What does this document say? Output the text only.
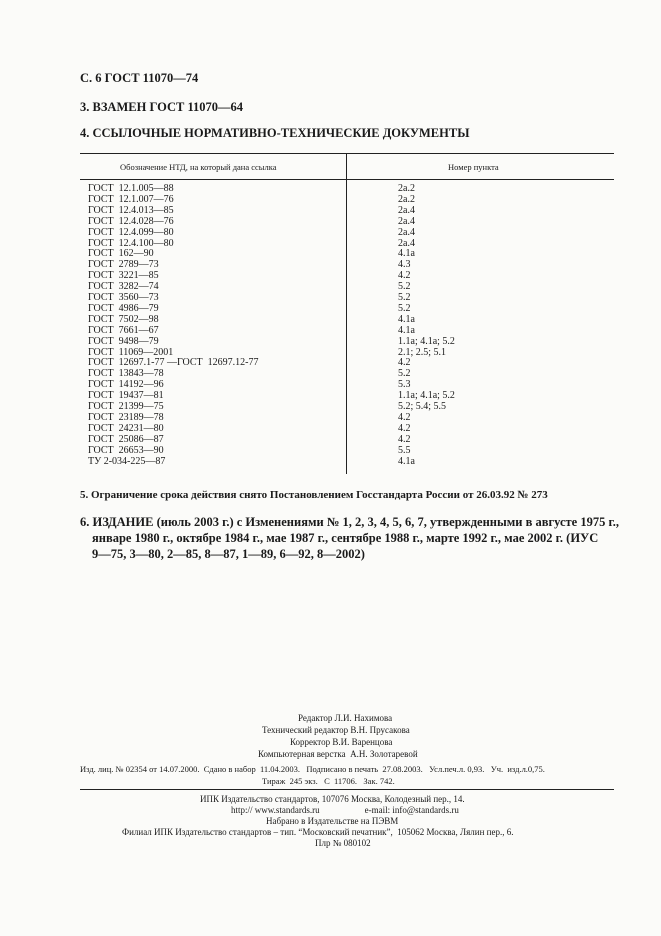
С. 6 ГОСТ 11070—74
3. ВЗАМЕН ГОСТ 11070—64
4. ССЫЛОЧНЫЕ НОРМАТИВНО-ТЕХНИЧЕСКИЕ ДОКУМЕНТЫ
Обозначение НТД, на который дана ссылка	Номер пункта
ГОСТ  12.1.005—88	2а.2
ГОСТ  12.1.007—76	2а.2
ГОСТ  12.4.013—85	2а.4
ГОСТ  12.4.028—76	2а.4
ГОСТ  12.4.099—80	2а.4
ГОСТ  12.4.100—80	2а.4
ГОСТ  162—90	4.1а
ГОСТ  2789—73	4.3
ГОСТ  3221—85	4.2
ГОСТ  3282—74	5.2
ГОСТ  3560—73	5.2
ГОСТ  4986—79	5.2
ГОСТ  7502—98	4.1а
ГОСТ  7661—67	4.1а
ГОСТ  9498—79	1.1а; 4.1а; 5.2
ГОСТ  11069—2001	2.1; 2.5; 5.1
ГОСТ  12697.1-77 —ГОСТ  12697.12-77	4.2
ГОСТ  13843—78	5.2
ГОСТ  14192—96	5.3
ГОСТ  19437—81	1.1а; 4.1а; 5.2
ГОСТ  21399—75	5.2; 5.4; 5.5
ГОСТ  23189—78	4.2
ГОСТ  24231—80	4.2
ГОСТ  25086—87	4.2
ГОСТ  26653—90	5.5
ТУ 2-034-225—87	4.1а
5. Ограничение срока действия снято Постановлением Госстандарта России от 26.03.92 № 273
6. ИЗДАНИЕ (июль 2003 г.) с Изменениями № 1, 2, 3, 4, 5, 6, 7, утвержденными в августе 1975 г.,
январе 1980 г., октябре 1984 г., мае 1987 г., сентябре 1988 г., марте 1992 г., мае 2002 г. (ИУС
9—75, 3—80, 2—85, 8—87, 1—89, 6—92, 8—2002)
Редактор Л.И. Нахимова
Технический редактор В.Н. Прусакова
Корректор В.И. Варенцова
Компьютерная верстка  А.Н. Золотаревой
Изд. лиц. № 02354 от 14.07.2000.  Сдано в набор  11.04.2003.   Подписано в печать  27.08.2003.   Усл.печ.л. 0,93.   Уч.  изд.л.0,75.
Тираж  245 экз.   С  11706.   Зак. 742.
ИПК Издательство стандартов, 107076 Москва, Колодезный пер., 14.
http:// www.standards.ru                    e-mail: info@standards.ru
Набрано в Издательстве на ПЭВМ
Филиал ИПК Издательство стандартов – тип. “Московский печатник”,  105062 Москва, Лялин пер., 6.
Плр № 080102
